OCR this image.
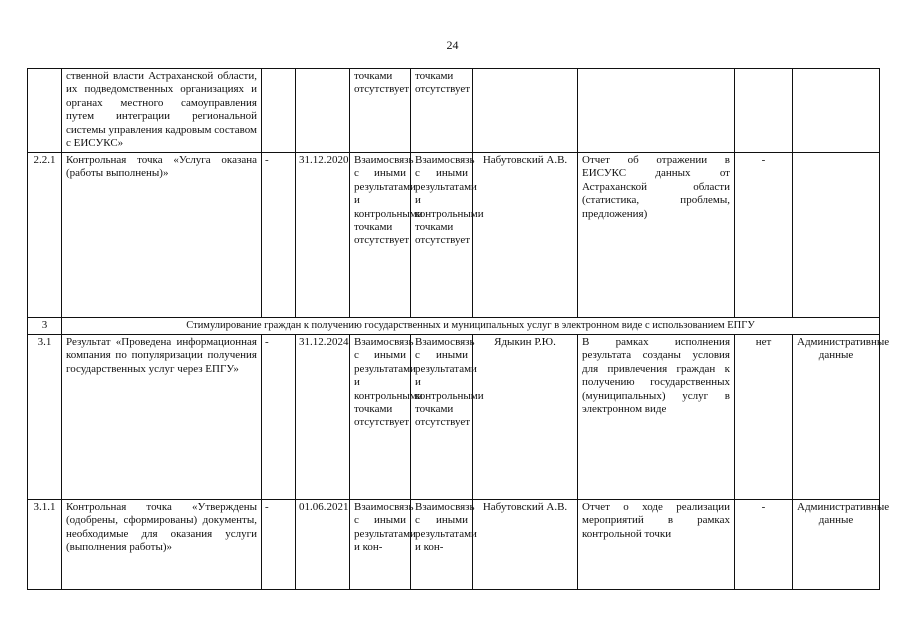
24
	ственной власти Астраханской области, их подведомственных организациях и органах местного самоуправления путем интеграции региональной системы управления кадровым составом с ЕИСУКС»			точками отсутствует	точками отсутствует				
2.2.1	Контрольная точка «Услуга оказана (работы выполнены)»	-	31.12.2020	Взаимосвязь с иными результатами и контрольными точками отсутствует	Взаимосвязь с иными результатами и контрольными точками отсутствует	Набутовский А.В.	Отчет об отражении в ЕИСУКС данных от Астраханской области (статистика, проблемы, предложения)	-	
3	Стимулирование граждан к получению государственных и муниципальных услуг в электронном виде с использованием ЕПГУ								
3.1	Результат «Проведена информационная компания по популяризации получения государственных услуг через ЕПГУ»	-	31.12.2024	Взаимосвязь с иными результатами и контрольными точками отсутствует	Взаимосвязь с иными результатами и контрольными точками отсутствует	Ядыкин Р.Ю.	В рамках исполнения результата созданы условия для привлечения граждан к получению государственных (муниципальных) услуг в электронном виде	нет	Административные данные
3.1.1	Контрольная точка «Утверждены (одобрены, сформированы) документы, необходимые для оказания услуги (выполнения работы)»	-	01.06.2021	Взаимосвязь с иными результатами и кон-	Взаимосвязь с иными результатами и кон-	Набутовский А.В.	Отчет о ходе реализации мероприятий в рамках контрольной точки	-	Административные данные
